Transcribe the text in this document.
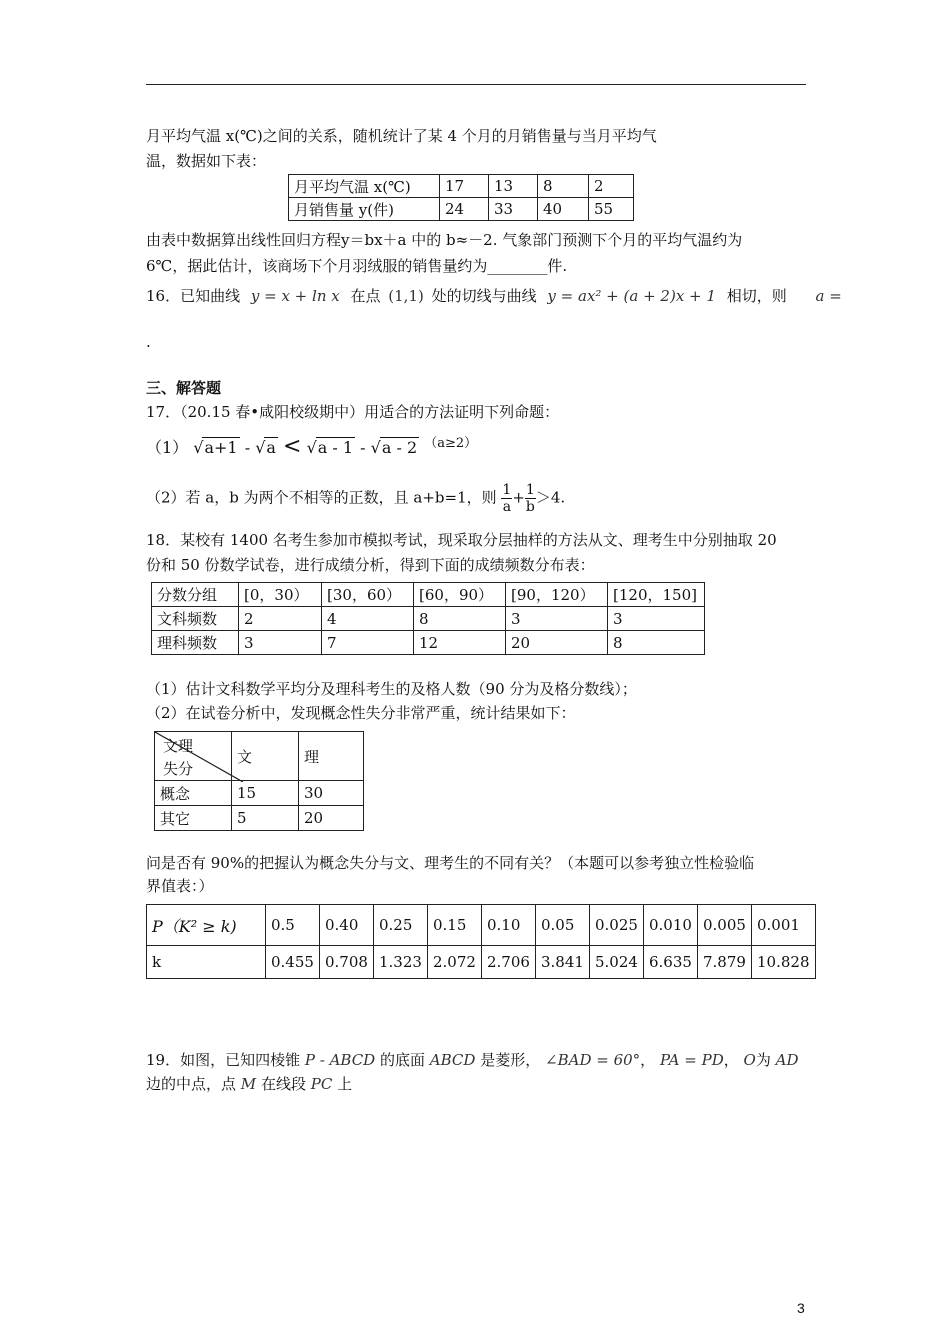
月平均气温 x(℃)之间的关系，随机统计了某 4 个月的月销售量与当月平均气
温，数据如下表：
月平均气温 x(℃)	17	13	8	2
月销售量 y(件)	24	33	40	55
由表中数据算出线性回归方程y＝bx＋a 中的 b≈－2. 气象部门预测下个月的平均气温约为
6℃，据此估计，该商场下个月羽绒服的销售量约为________件.
16．已知曲线 y = x + ln x 在点 (1,1) 处的切线与曲线 y = ax² + (a + 2)x + 1 相切，则 a =
.
三、解答题
17．（20.15 春•咸阳校级期中）用适合的方法证明下列命题：
（1） √a+1 - √a < √a - 1 - √a - 2 $^{(a\ge 2)}$
（2）若 a，b 为两个不相等的正数，且 a+b=1，则 $\frac{1}{a} + \frac{1}{b} >4$.
18．某校有 1400 名考生参加市模拟考试，现采取分层抽样的方法从文、理考生中分别抽取 20
份和 50 份数学试卷，进行成绩分析，得到下面的成绩频数分布表：
分数分组	[0，30）	[30，60）	[60，90）	[90，120）	[120，150]
文科频数	2	4	8	3	3
理科频数	3	7	12	20	8
（1）估计文科数学平均分及理科考生的及格人数（90 分为及格分数线）；
（2）在试卷分析中，发现概念性失分非常严重，统计结果如下：
文理
失分	文	理
概念	15	30
其它	5	20
问是否有 90%的把握认为概念失分与文、理考生的不同有关？（本题可以参考独立性检验临
界值表：）
P（K² ≥ k)	0.5	0.40	0.25	0.15	0.10	0.05	0.025	0.010	0.005	0.001
k	0.455	0.708	1.323	2.072	2.706	3.841	5.024	6.635	7.879	10.828
19．如图，已知四棱锥 P - ABCD 的底面 ABCD 是菱形， ∠BAD = 60°， PA = PD， O为 AD
边的中点，点 M 在线段 PC 上
3
